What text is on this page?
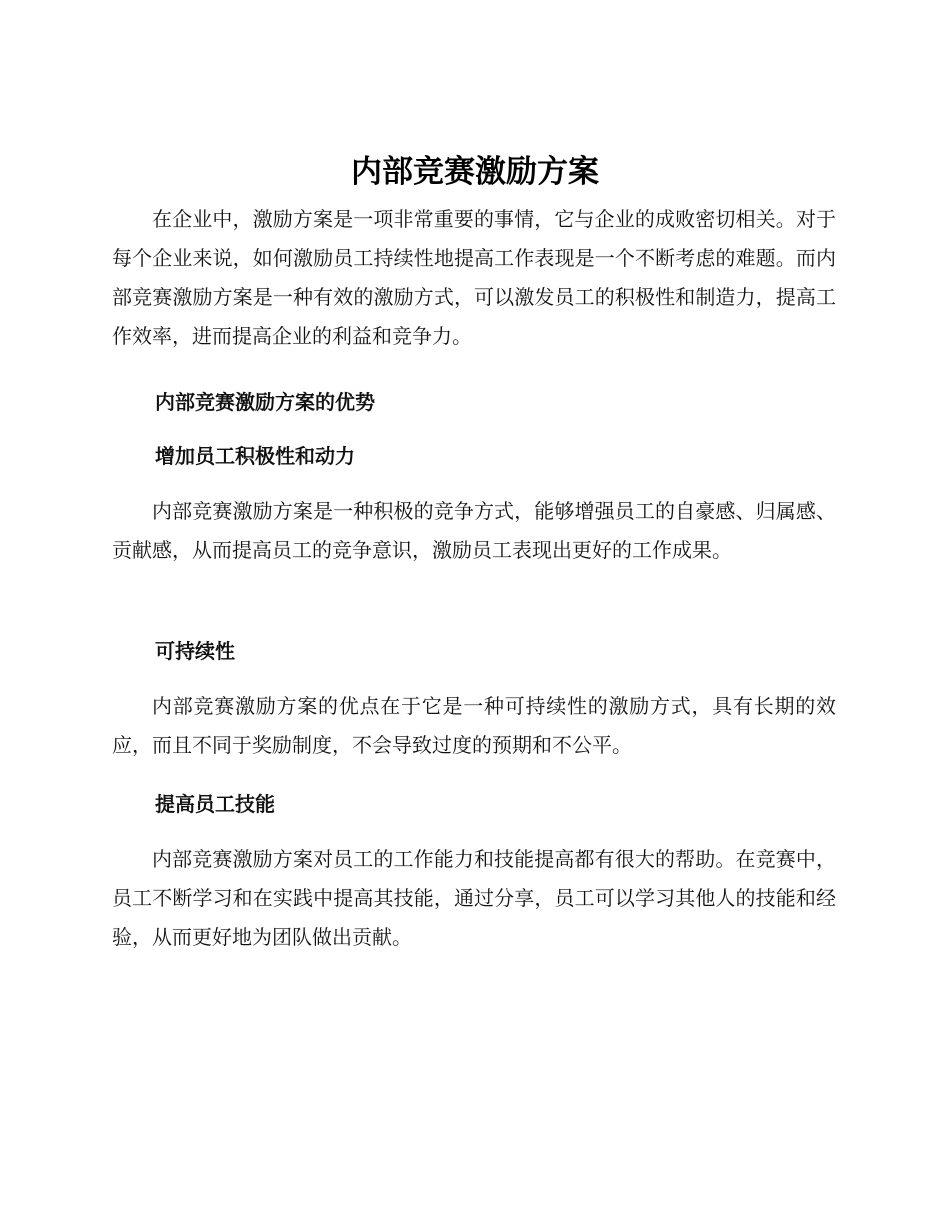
内部竞赛激励方案

在企业中，激励方案是一项非常重要的事情，它与企业的成败密切相关。对于每个企业来说，如何激励员工持续性地提高工作表现是一个不断考虑的难题。而内部竞赛激励方案是一种有效的激励方式，可以激发员工的积极性和制造力，提高工作效率，进而提高企业的利益和竞争力。

内部竞赛激励方案的优势
增加员工积极性和动力

内部竞赛激励方案是一种积极的竞争方式，能够增强员工的自豪感、归属感、贡献感，从而提高员工的竞争意识，激励员工表现出更好的工作成果。

可持续性

内部竞赛激励方案的优点在于它是一种可持续性的激励方式，具有长期的效应，而且不同于奖励制度，不会导致过度的预期和不公平。

提高员工技能

内部竞赛激励方案对员工的工作能力和技能提高都有很大的帮助。在竞赛中，员工不断学习和在实践中提高其技能，通过分享，员工可以学习其他人的技能和经验，从而更好地为团队做出贡献。
